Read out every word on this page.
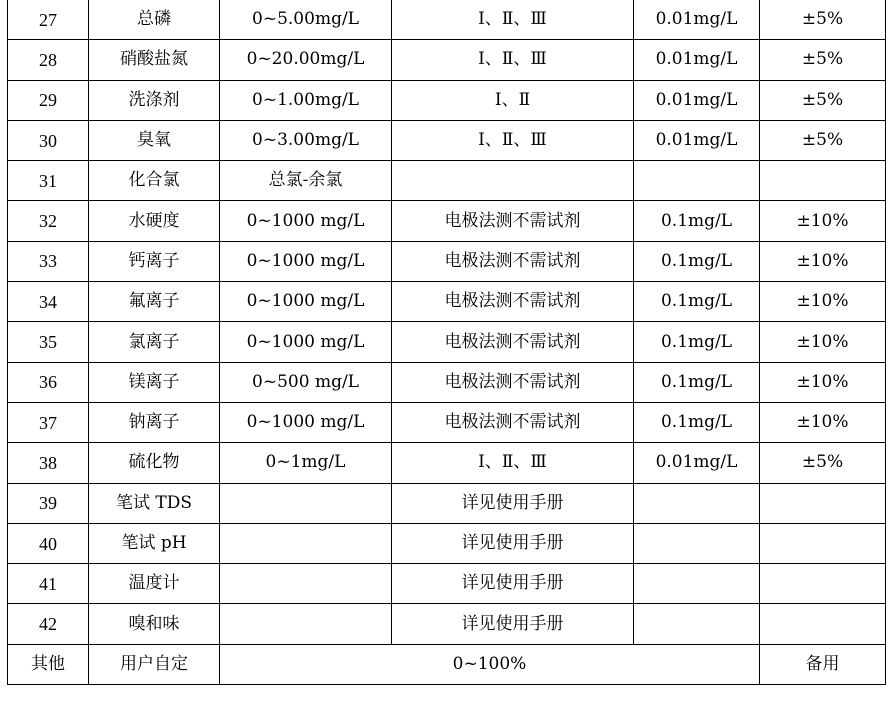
27	总磷	0~5.00mg/L	Ⅰ、Ⅱ、Ⅲ	0.01mg/L	±5%
28	硝酸盐氮	0~20.00mg/L	Ⅰ、Ⅱ、Ⅲ	0.01mg/L	±5%
29	洗涤剂	0~1.00mg/L	Ⅰ、Ⅱ	0.01mg/L	±5%
30	臭氧	0~3.00mg/L	Ⅰ、Ⅱ、Ⅲ	0.01mg/L	±5%
31	化合氯	总氯-余氯			
32	水硬度	0~1000 mg/L	电极法测不需试剂	0.1mg/L	±10%
33	钙离子	0~1000 mg/L	电极法测不需试剂	0.1mg/L	±10%
34	氟离子	0~1000 mg/L	电极法测不需试剂	0.1mg/L	±10%
35	氯离子	0~1000 mg/L	电极法测不需试剂	0.1mg/L	±10%
36	镁离子	0~500 mg/L	电极法测不需试剂	0.1mg/L	±10%
37	钠离子	0~1000 mg/L	电极法测不需试剂	0.1mg/L	±10%
38	硫化物	0~1mg/L	Ⅰ、Ⅱ、Ⅲ	0.01mg/L	±5%
39	笔试 TDS		详见使用手册		
40	笔试 pH		详见使用手册		
41	温度计		详见使用手册		
42	嗅和味		详见使用手册		
其他	用户自定	0~100%			备用
